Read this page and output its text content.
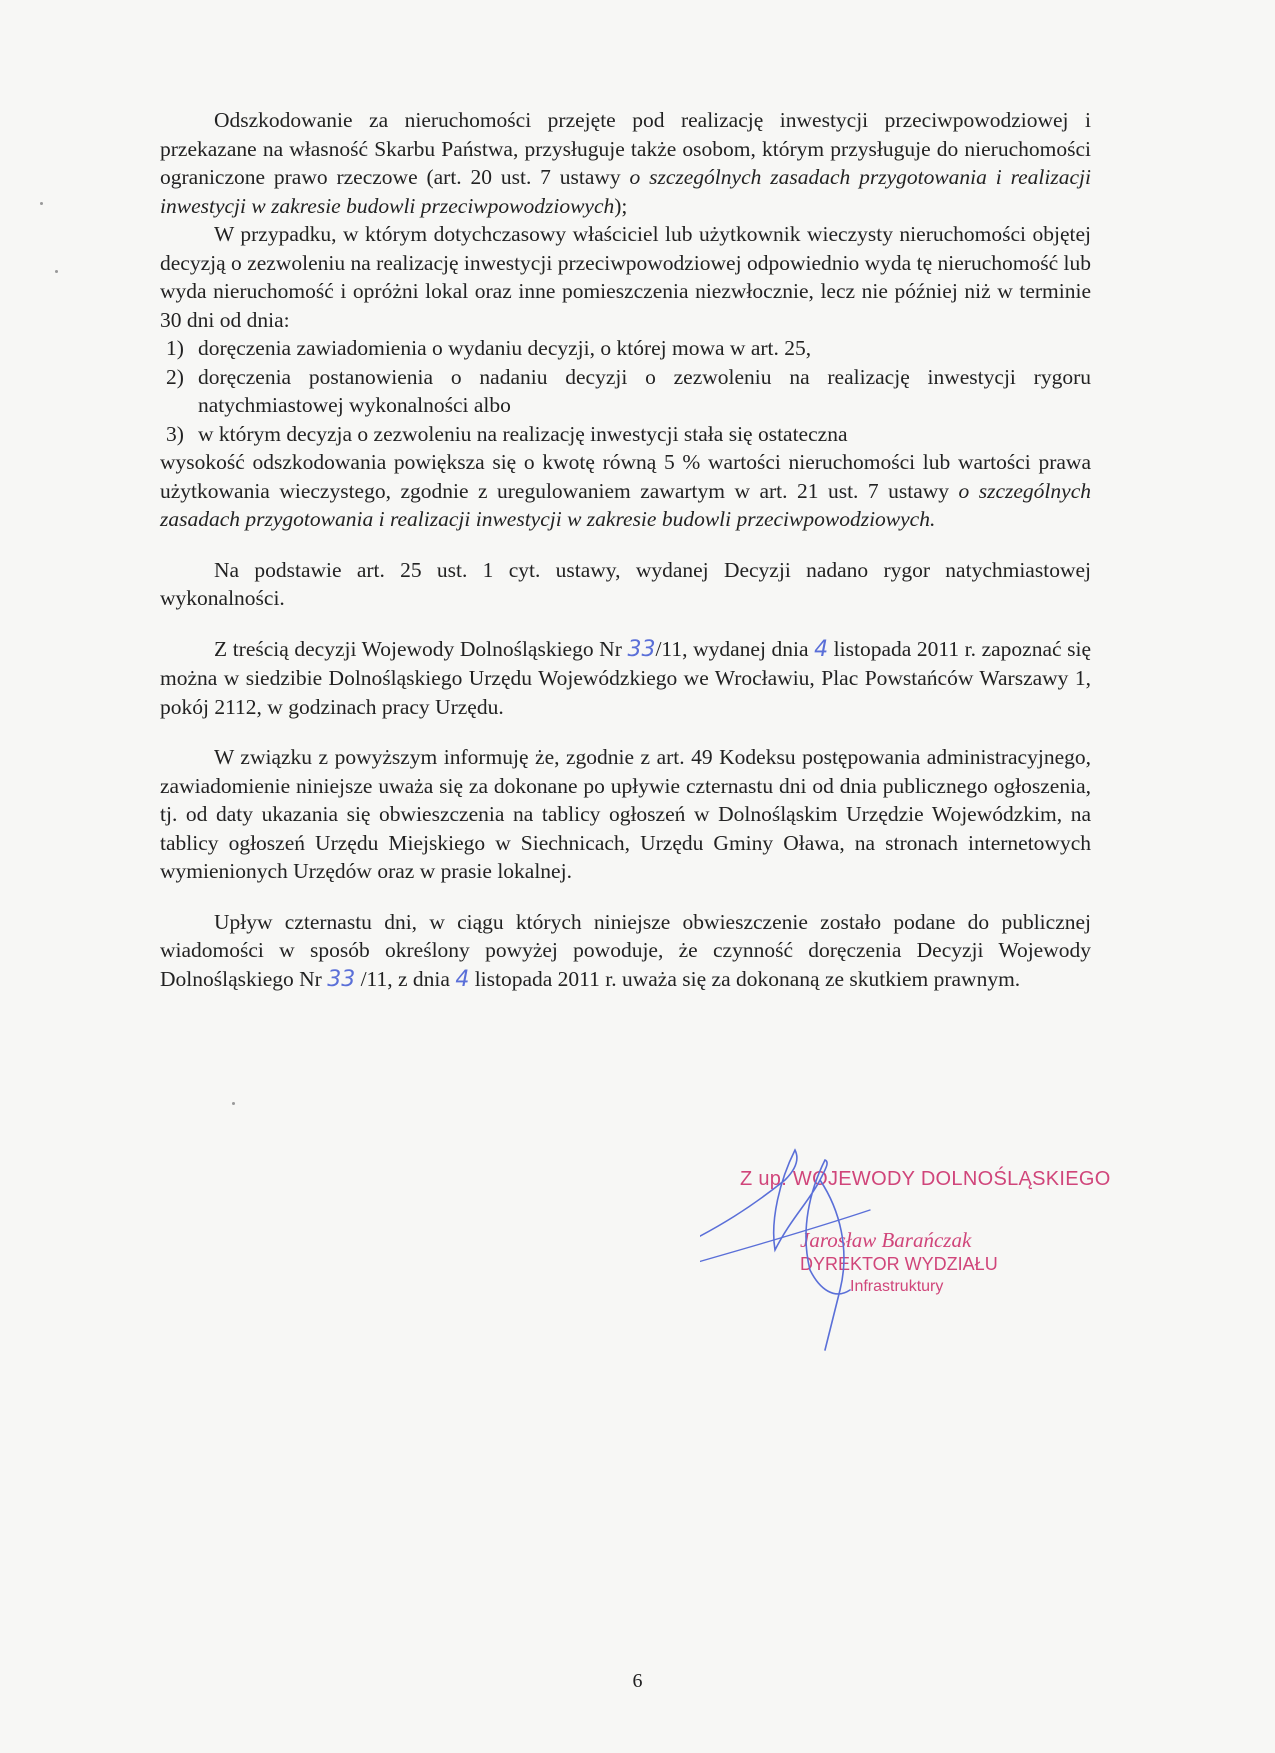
Odszkodowanie za nieruchomości przejęte pod realizację inwestycji przeciwpowodziowej i przekazane na własność Skarbu Państwa, przysługuje także osobom, którym przysługuje do nieruchomości ograniczone prawo rzeczowe (art. 20 ust. 7 ustawy o szczególnych zasadach przygotowania i realizacji inwestycji w zakresie budowli przeciwpowodziowych);

W przypadku, w którym dotychczasowy właściciel lub użytkownik wieczysty nieruchomości objętej decyzją o zezwoleniu na realizację inwestycji przeciwpowodziowej odpowiednio wyda tę nieruchomość lub wyda nieruchomość i opróżni lokal oraz inne pomieszczenia niezwłocznie, lecz nie później niż w terminie 30 dni od dnia:

1) doręczenia zawiadomienia o wydaniu decyzji, o której mowa w art. 25,
2) doręczenia postanowienia o nadaniu decyzji o zezwoleniu na realizację inwestycji rygoru natychmiastowej wykonalności albo
3) w którym decyzja o zezwoleniu na realizację inwestycji stała się ostateczna

wysokość odszkodowania powiększa się o kwotę równą 5 % wartości nieruchomości lub wartości prawa użytkowania wieczystego, zgodnie z uregulowaniem zawartym w art. 21 ust. 7 ustawy o szczególnych zasadach przygotowania i realizacji inwestycji w zakresie budowli przeciwpowodziowych.

Na podstawie art. 25 ust. 1 cyt. ustawy, wydanej Decyzji nadano rygor natychmiastowej wykonalności.

Z treścią decyzji Wojewody Dolnośląskiego Nr 33/11, wydanej dnia 4 listopada 2011 r. zapoznać się można w siedzibie Dolnośląskiego Urzędu Wojewódzkiego we Wrocławiu, Plac Powstańców Warszawy 1, pokój 2112, w godzinach pracy Urzędu.

W związku z powyższym informuję że, zgodnie z art. 49 Kodeksu postępowania administracyjnego, zawiadomienie niniejsze uważa się za dokonane po upływie czternastu dni od dnia publicznego ogłoszenia, tj. od daty ukazania się obwieszczenia na tablicy ogłoszeń w Dolnośląskim Urzędzie Wojewódzkim, na tablicy ogłoszeń Urzędu Miejskiego w Siechnicach, Urzędu Gminy Oława, na stronach internetowych wymienionych Urzędów oraz w prasie lokalnej.

Upływ czternastu dni, w ciągu których niniejsze obwieszczenie zostało podane do publicznej wiadomości w sposób określony powyżej powoduje, że czynność doręczenia Decyzji Wojewody Dolnośląskiego Nr 33 /11, z dnia 4 listopada 2011 r. uważa się za dokonaną ze skutkiem prawnym.

Z up. WOJEWODY DOLNOŚLĄSKIEGO
Jarosław Barańczak
DYREKTOR WYDZIAŁU
Infrastruktury
6
